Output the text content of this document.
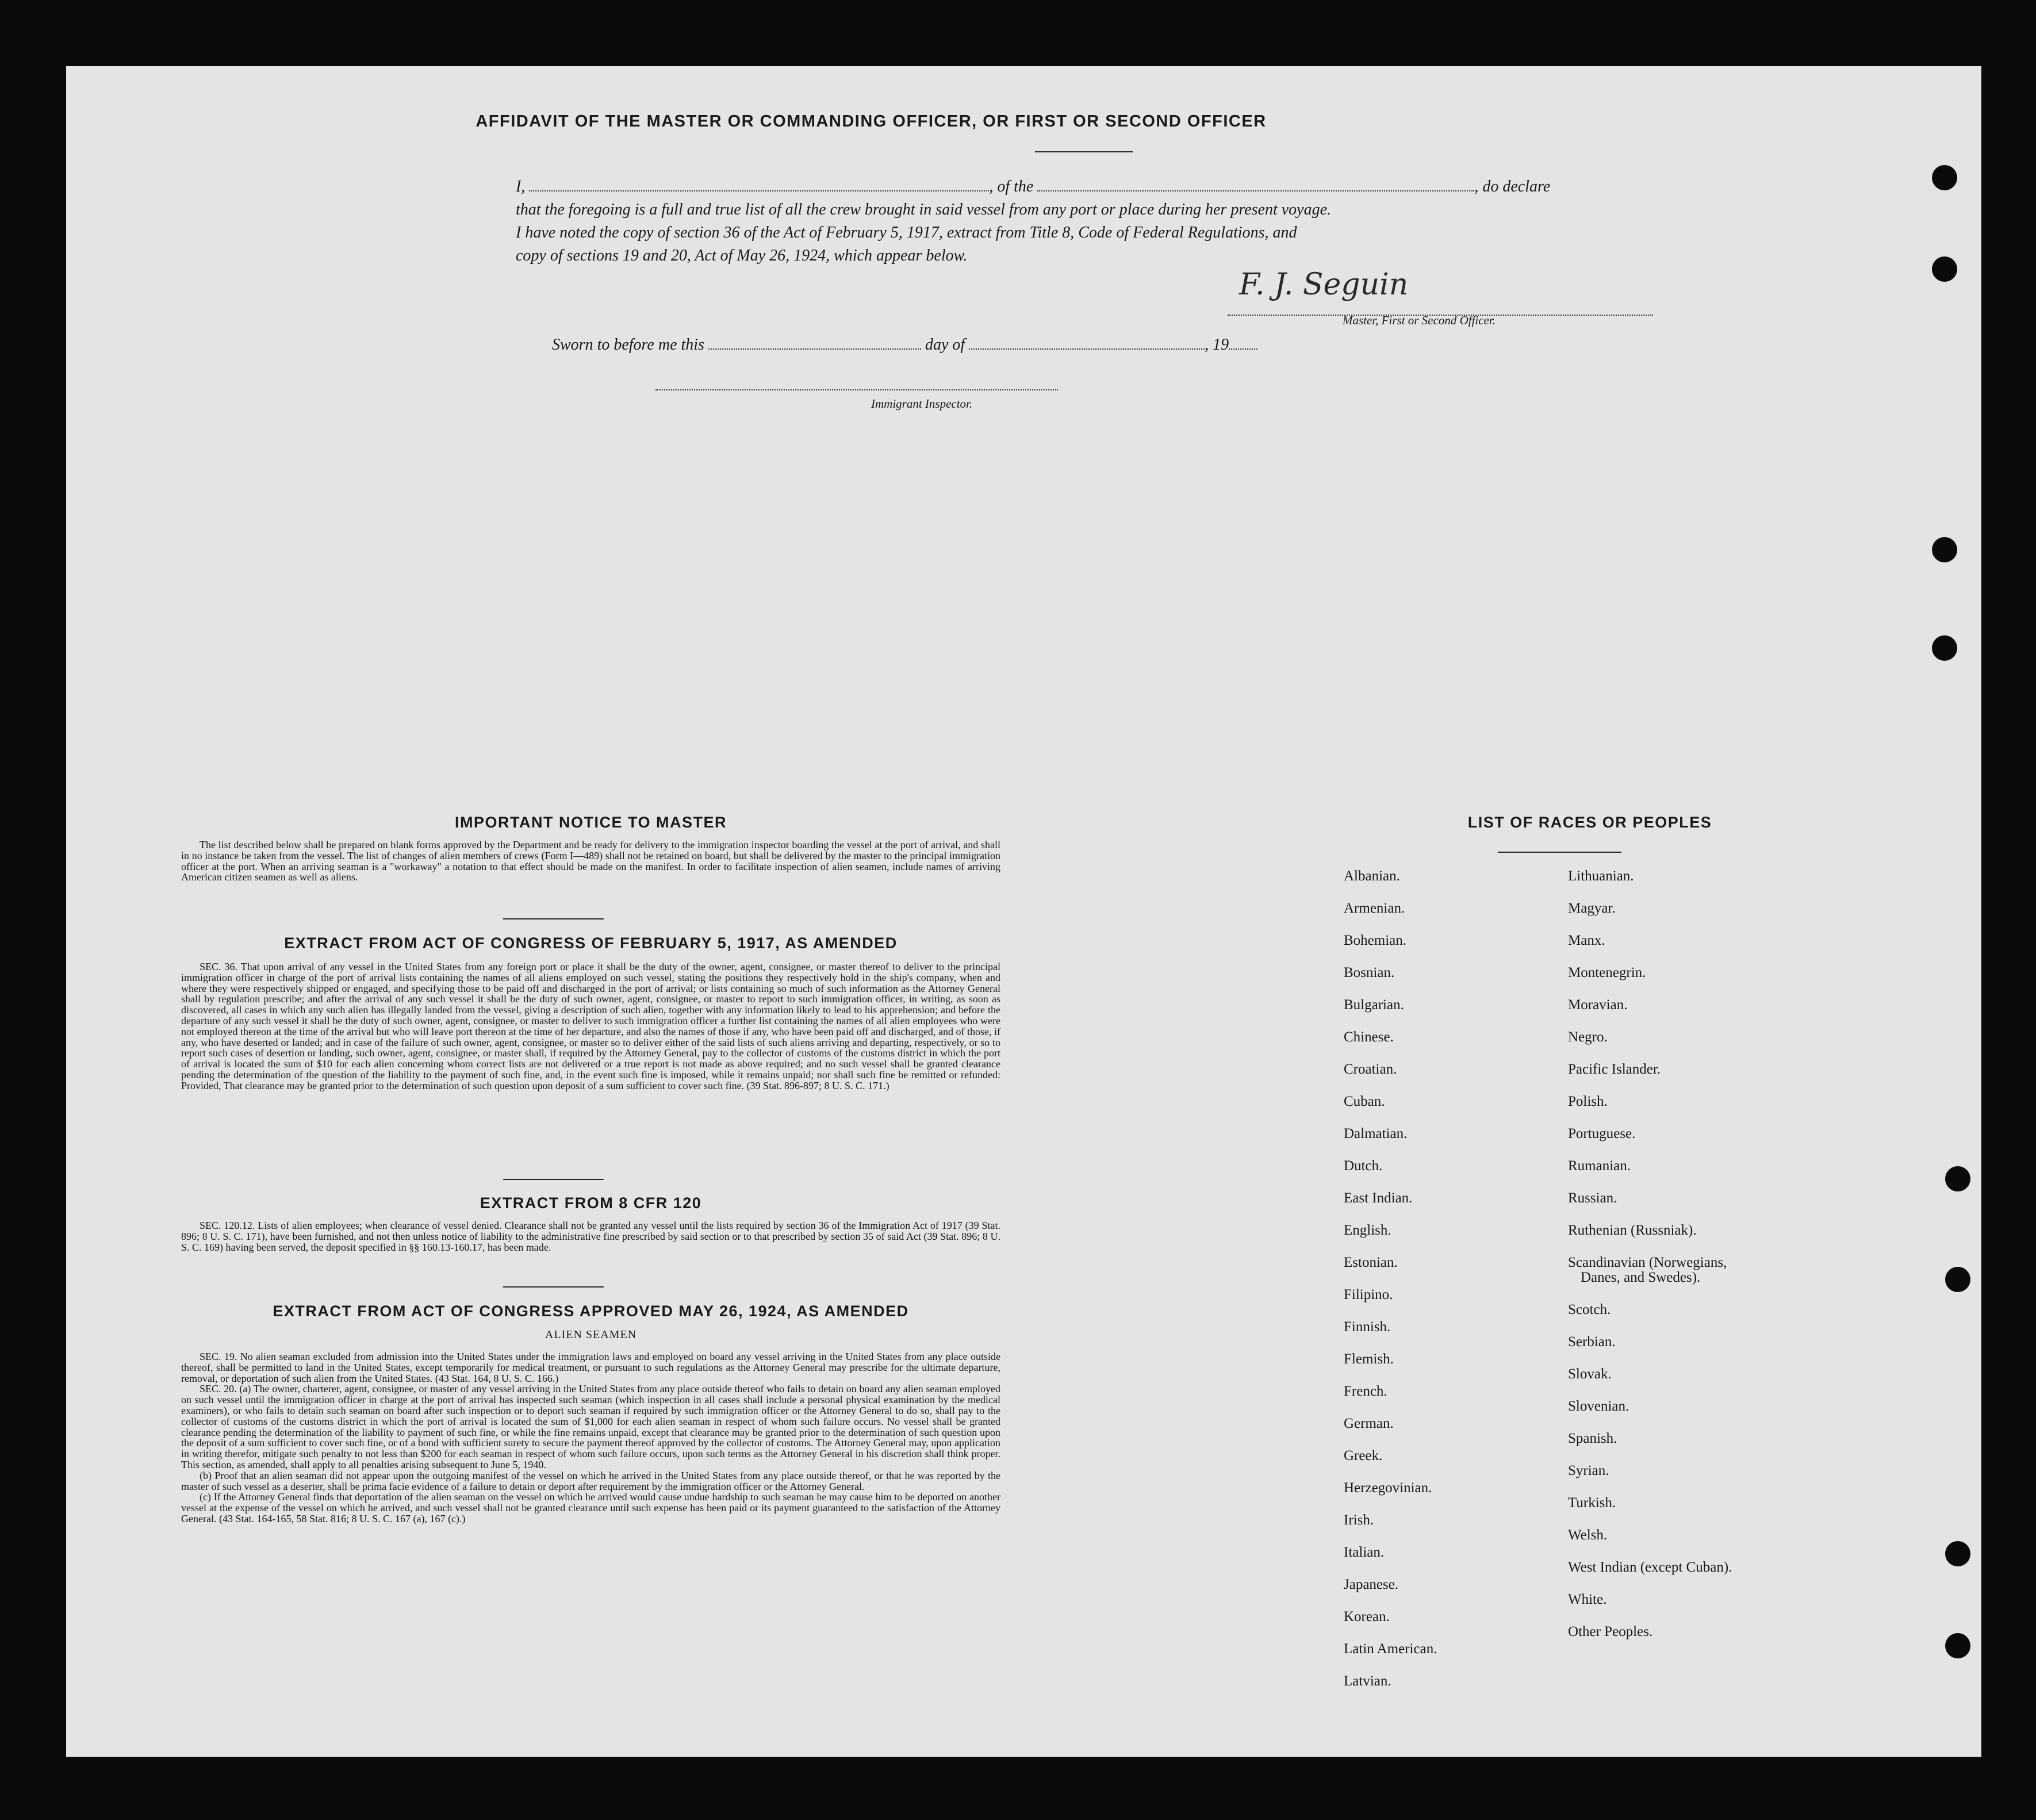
AFFIDAVIT OF THE MASTER OR COMMANDING OFFICER, OR FIRST OR SECOND OFFICER
I,	, of the	, do declare
that the foregoing is a full and true list of all the crew brought in said vessel from any port or place during her present voyage.
I have noted the copy of section 36 of the Act of February 5, 1917, extract from Title 8, Code of Federal Regulations, and
copy of sections 19 and 20, Act of May 26, 1924, which appear below.
F. J. Seguin
Master, First or Second Officer.
Sworn to before me this	day of	, 19
Immigrant Inspector.
IMPORTANT NOTICE TO MASTER

The list described below shall be prepared on blank forms approved by the Department and be ready for delivery to the immigration inspector boarding the vessel at the port of arrival, and shall in no instance be taken from the vessel. The list of changes of alien members of crews (Form I—489) shall not be retained on board, but shall be delivered by the master to the principal immigration officer at the port. When an arriving seaman is a "workaway" a notation to that effect should be made on the manifest. In order to facilitate inspection of alien seamen, include names of arriving American citizen seamen as well as aliens.

EXTRACT FROM ACT OF CONGRESS OF FEBRUARY 5, 1917, AS AMENDED

SEC. 36. That upon arrival of any vessel in the United States from any foreign port or place it shall be the duty of the owner, agent, consignee, or master thereof to deliver to the principal immigration officer in charge of the port of arrival lists containing the names of all aliens employed on such vessel, stating the positions they respectively hold in the ship's company, when and where they were respectively shipped or engaged, and specifying those to be paid off and discharged in the port of arrival; or lists containing so much of such information as the Attorney General shall by regulation prescribe; and after the arrival of any such vessel it shall be the duty of such owner, agent, consignee, or master to report to such immigration officer, in writing, as soon as discovered, all cases in which any such alien has illegally landed from the vessel, giving a description of such alien, together with any information likely to lead to his apprehension; and before the departure of any such vessel it shall be the duty of such owner, agent, consignee, or master to deliver to such immigration officer a further list containing the names of all alien employees who were not employed thereon at the time of the arrival but who will leave port thereon at the time of her departure, and also the names of those if any, who have been paid off and discharged, and of those, if any, who have deserted or landed; and in case of the failure of such owner, agent, consignee, or master so to deliver either of the said lists of such aliens arriving and departing, respectively, or so to report such cases of desertion or landing, such owner, agent, consignee, or master shall, if required by the Attorney General, pay to the collector of customs of the customs district in which the port of arrival is located the sum of $10 for each alien concerning whom correct lists are not delivered or a true report is not made as above required; and no such vessel shall be granted clearance pending the determination of the question of the liability to the payment of such fine, and, in the event such fine is imposed, while it remains unpaid; nor shall such fine be remitted or refunded: Provided, That clearance may be granted prior to the determination of such question upon deposit of a sum sufficient to cover such fine. (39 Stat. 896-897; 8 U. S. C. 171.)

EXTRACT FROM 8 CFR 120

SEC. 120.12. Lists of alien employees; when clearance of vessel denied. Clearance shall not be granted any vessel until the lists required by section 36 of the Immigration Act of 1917 (39 Stat. 896; 8 U. S. C. 171), have been furnished, and not then unless notice of liability to the administrative fine prescribed by said section or to that prescribed by section 35 of said Act (39 Stat. 896; 8 U. S. C. 169) having been served, the deposit specified in §§ 160.13-160.17, has been made.

EXTRACT FROM ACT OF CONGRESS APPROVED MAY 26, 1924, AS AMENDED
ALIEN SEAMEN

SEC. 19. No alien seaman excluded from admission into the United States under the immigration laws and employed on board any vessel arriving in the United States from any place outside thereof, shall be permitted to land in the United States, except temporarily for medical treatment, or pursuant to such regulations as the Attorney General may prescribe for the ultimate departure, removal, or deportation of such alien from the United States. (43 Stat. 164, 8 U. S. C. 166.)

SEC. 20. (a) The owner, charterer, agent, consignee, or master of any vessel arriving in the United States from any place outside thereof who fails to detain on board any alien seaman employed on such vessel until the immigration officer in charge at the port of arrival has inspected such seaman (which inspection in all cases shall include a personal physical examination by the medical examiners), or who fails to detain such seaman on board after such inspection or to deport such seaman if required by such immigration officer or the Attorney General to do so, shall pay to the collector of customs of the customs district in which the port of arrival is located the sum of $1,000 for each alien seaman in respect of whom such failure occurs. No vessel shall be granted clearance pending the determination of the liability to payment of such fine, or while the fine remains unpaid, except that clearance may be granted prior to the determination of such question upon the deposit of a sum sufficient to cover such fine, or of a bond with sufficient surety to secure the payment thereof approved by the collector of customs. The Attorney General may, upon application in writing therefor, mitigate such penalty to not less than $200 for each seaman in respect of whom such failure occurs, upon such terms as the Attorney General in his discretion shall think proper. This section, as amended, shall apply to all penalties arising subsequent to June 5, 1940.

(b) Proof that an alien seaman did not appear upon the outgoing manifest of the vessel on which he arrived in the United States from any place outside thereof, or that he was reported by the master of such vessel as a deserter, shall be prima facie evidence of a failure to detain or deport after requirement by the immigration officer or the Attorney General.

(c) If the Attorney General finds that deportation of the alien seaman on the vessel on which he arrived would cause undue hardship to such seaman he may cause him to be deported on another vessel at the expense of the vessel on which he arrived, and such vessel shall not be granted clearance until such expense has been paid or its payment guaranteed to the satisfaction of the Attorney General. (43 Stat. 164-165, 58 Stat. 816; 8 U. S. C. 167 (a), 167 (c).)

LIST OF RACES OR PEOPLES
Albanian.
Armenian.
Bohemian.
Bosnian.
Bulgarian.
Chinese.
Croatian.
Cuban.
Dalmatian.
Dutch.
East Indian.
English.
Estonian.
Filipino.
Finnish.
Flemish.
French.
German.
Greek.
Herzegovinian.
Irish.
Italian.
Japanese.
Korean.
Latin American.
Latvian.
Lithuanian.
Magyar.
Manx.
Montenegrin.
Moravian.
Negro.
Pacific Islander.
Polish.
Portuguese.
Rumanian.
Russian.
Ruthenian (Russniak).
Scandinavian (Norwegians,
Danes, and Swedes).
Scotch.
Serbian.
Slovak.
Slovenian.
Spanish.
Syrian.
Turkish.
Welsh.
West Indian (except Cuban).
White.
Other Peoples.
